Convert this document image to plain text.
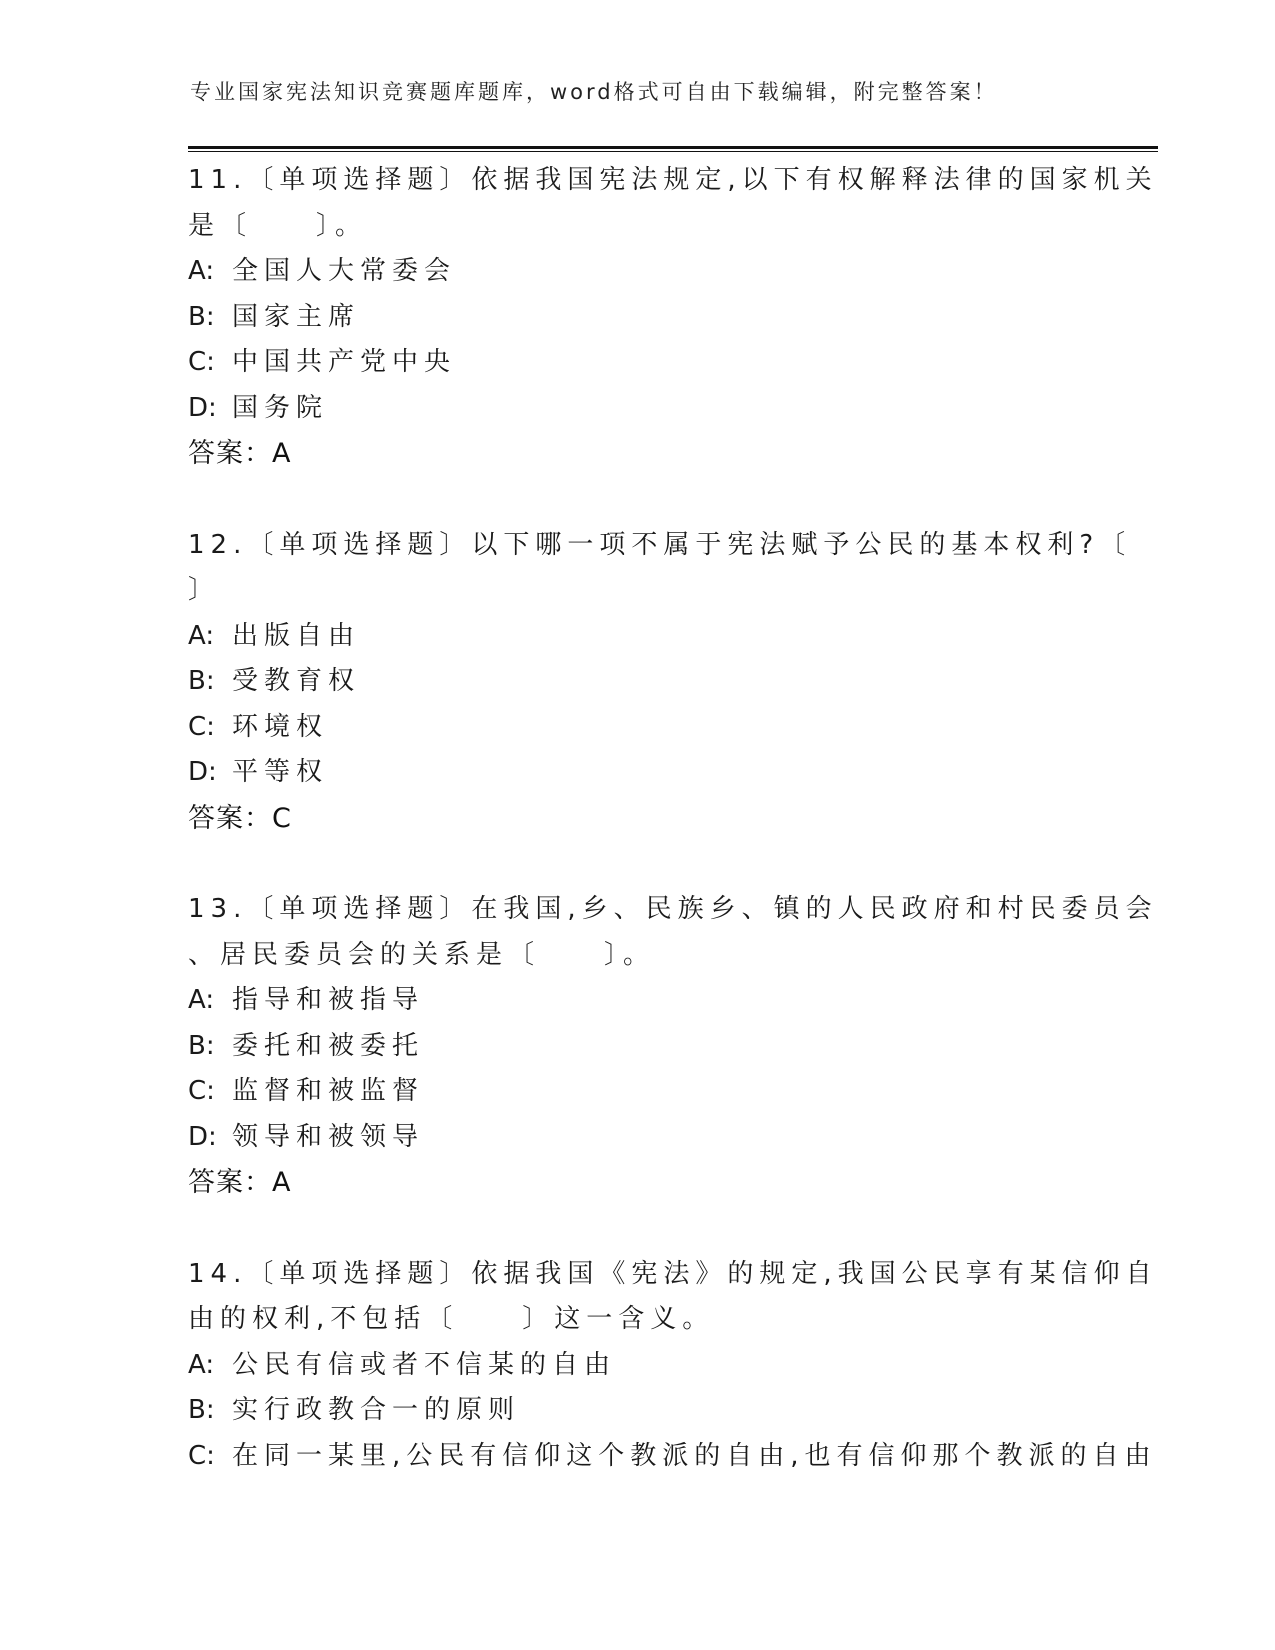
专业国家宪法知识竞赛题库题库，word格式可自由下载编辑，附完整答案！
11.〔单项选择题〕依据我国宪法规定,以下有权解释法律的国家机关
是〔　　〕。
A: 全国人大常委会
B: 国家主席
C: 中国共产党中央
D: 国务院
答案：A
12.〔单项选择题〕以下哪一项不属于宪法赋予公民的基本权利?〔
〕
A: 出版自由
B: 受教育权
C: 环境权
D: 平等权
答案：C
13.〔单项选择题〕在我国,乡、民族乡、镇的人民政府和村民委员会
、居民委员会的关系是〔　　〕。
A: 指导和被指导
B: 委托和被委托
C: 监督和被监督
D: 领导和被领导
答案：A
14.〔单项选择题〕依据我国《宪法》的规定,我国公民享有某信仰自
由的权利,不包括〔　　〕这一含义。
A: 公民有信或者不信某的自由
B: 实行政教合一的原则
C: 在同一某里,公民有信仰这个教派的自由,也有信仰那个教派的自由
